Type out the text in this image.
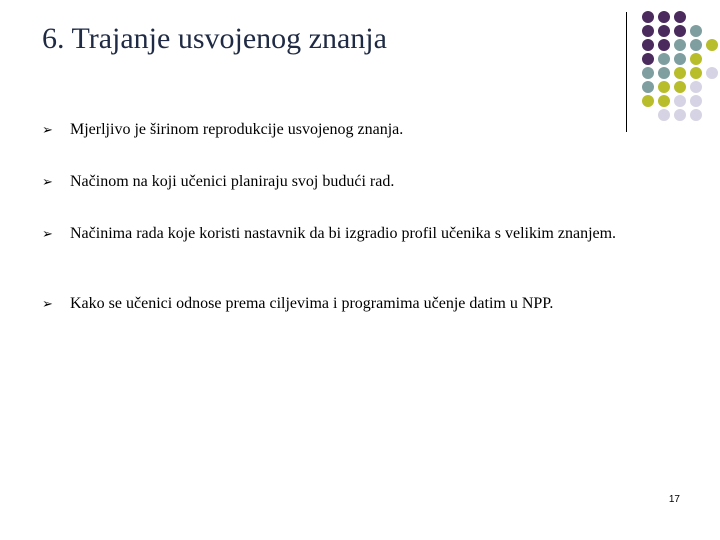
6. Trajanje usvojenog znanja
➢ Mjerljivo je širinom reprodukcije usvojenog znanja.
➢ Načinom na koji učenici planiraju svoj budući rad.
➢ Načinima rada koje koristi nastavnik da bi izgradio profil učenika s velikim znanjem.
➢ Kako se učenici odnose prema ciljevima i programima učenje datim u NPP.
17
